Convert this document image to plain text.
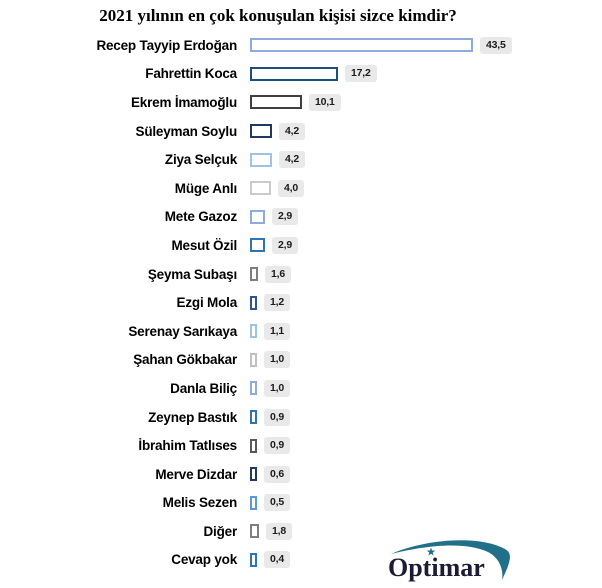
2021 yılının en çok konuşulan kişisi sizce kimdir?
Recep Tayyip Erdoğan	43,5
Fahrettin Koca	17,2
Ekrem İmamoğlu	10,1
Süleyman Soylu	4,2
Ziya Selçuk	4,2
Müge Anlı	4,0
Mete Gazoz	2,9
Mesut Özil	2,9
Şeyma Subaşı	1,6
Ezgi Mola	1,2
Serenay Sarıkaya	1,1
Şahan Gökbakar	1,0
Danla Biliç	1,0
Zeynep Bastık	0,9
İbrahim Tatlıses	0,9
Merve Dizdar	0,6
Melis Sezen	0,5
Diğer	1,8
Cevap yok	0,4	Optimar
